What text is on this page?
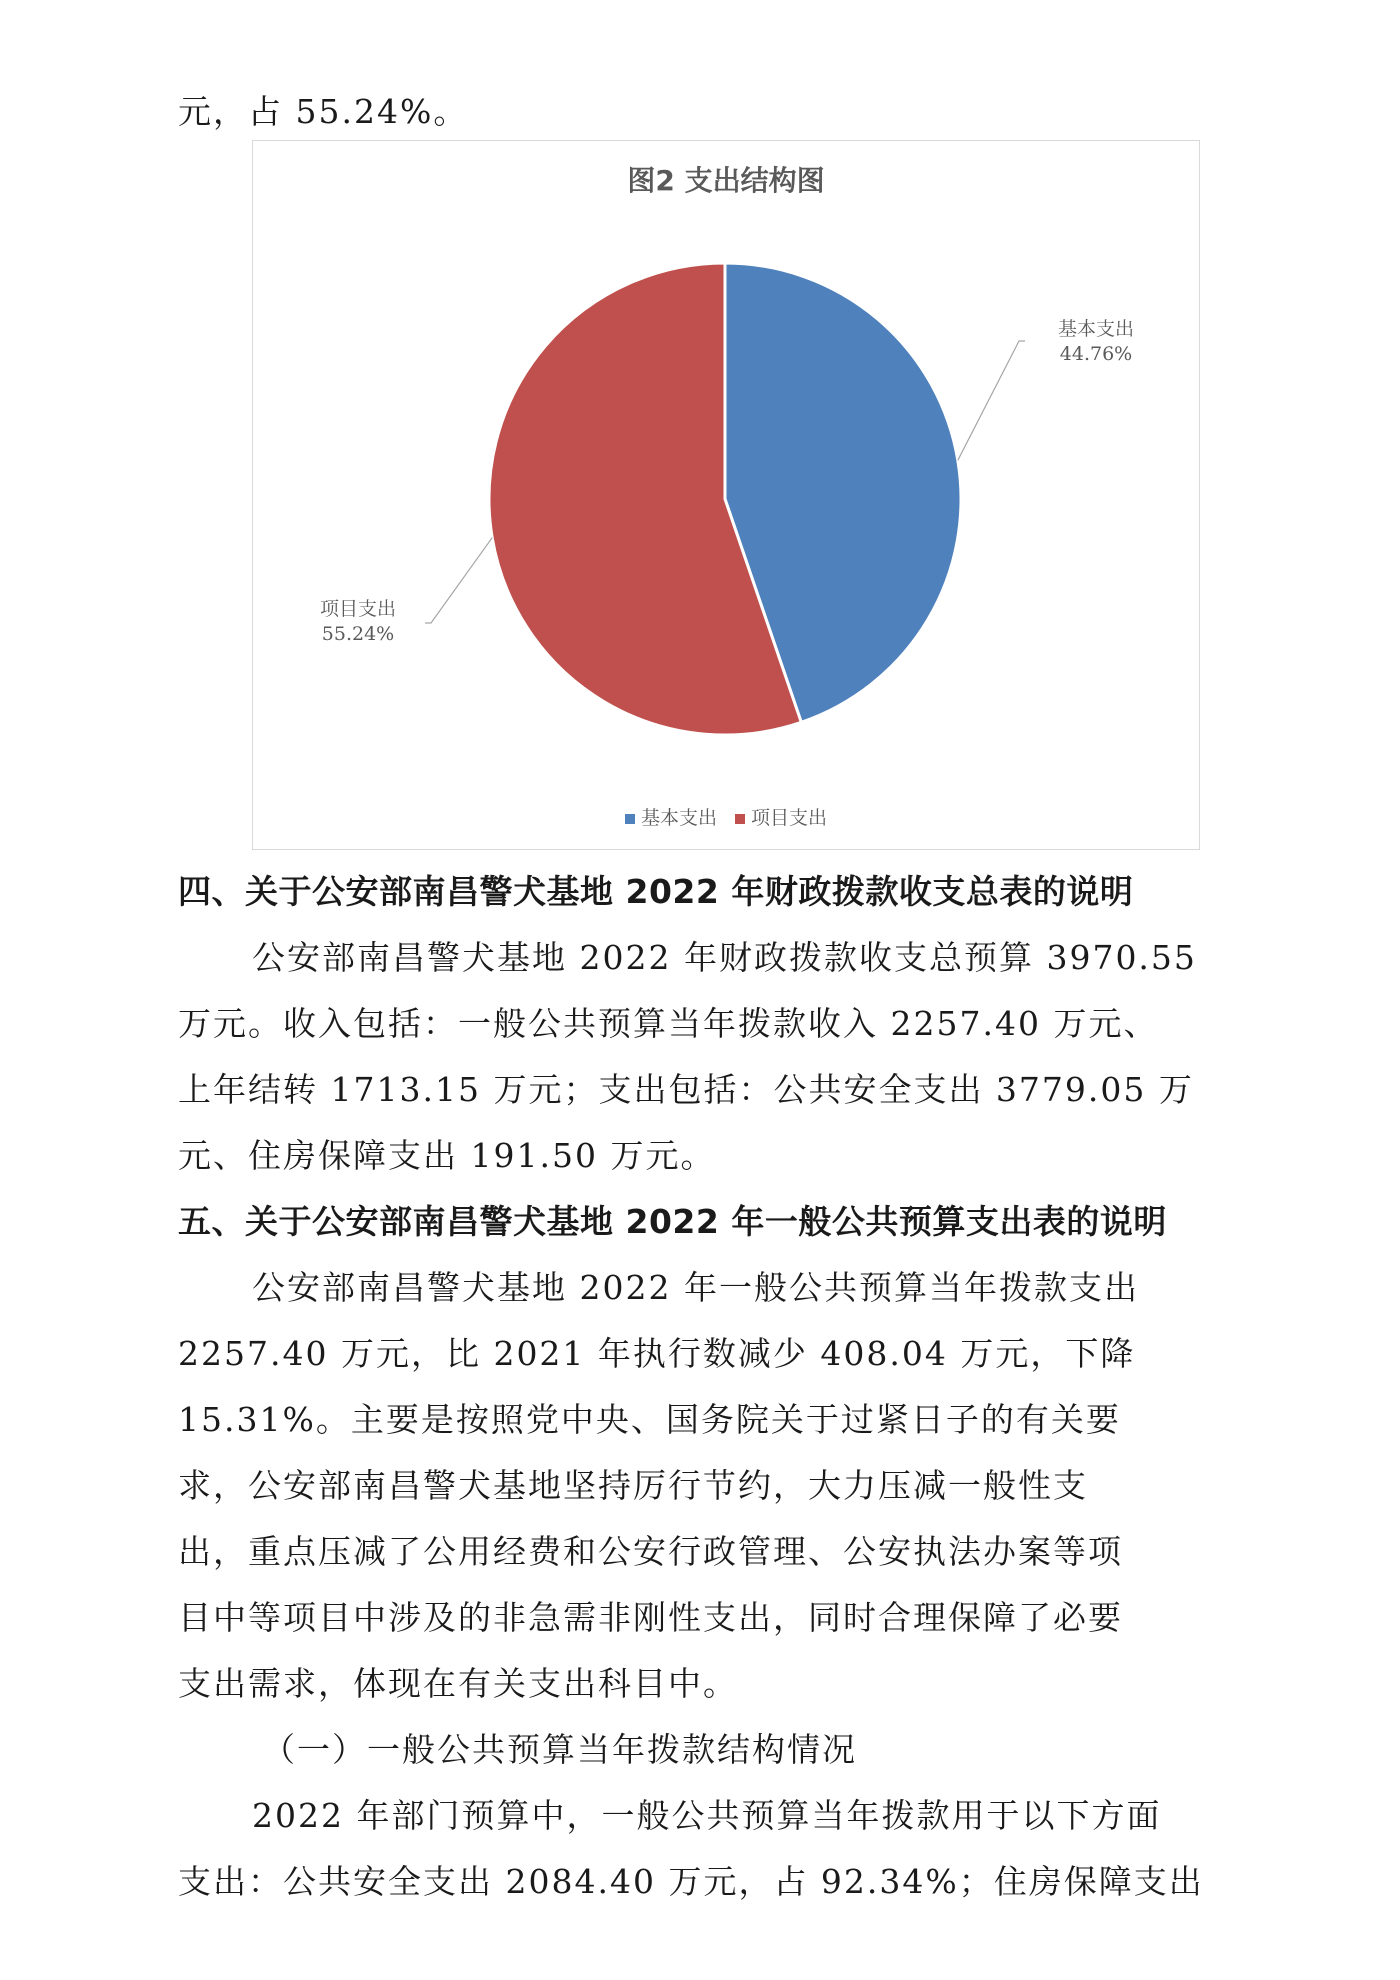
元，占 55.24%。
图2 支出结构图
基本支出
44.76%
项目支出
55.24%
基本支出 项目支出
四、关于公安部南昌警犬基地 2022 年财政拨款收支总表的说明
公安部南昌警犬基地 2022 年财政拨款收支总预算 3970.55
万元。收入包括：一般公共预算当年拨款收入 2257.40 万元、
上年结转 1713.15 万元；支出包括：公共安全支出 3779.05 万
元、住房保障支出 191.50 万元。
五、关于公安部南昌警犬基地 2022 年一般公共预算支出表的说明
公安部南昌警犬基地 2022 年一般公共预算当年拨款支出
2257.40 万元，比 2021 年执行数减少 408.04 万元，下降
15.31%。主要是按照党中央、国务院关于过紧日子的有关要
求，公安部南昌警犬基地坚持厉行节约，大力压减一般性支
出，重点压减了公用经费和公安行政管理、公安执法办案等项
目中等项目中涉及的非急需非刚性支出，同时合理保障了必要
支出需求，体现在有关支出科目中。
（一）一般公共预算当年拨款结构情况
2022 年部门预算中，一般公共预算当年拨款用于以下方面
支出：公共安全支出 2084.40 万元，占 92.34%；住房保障支出
